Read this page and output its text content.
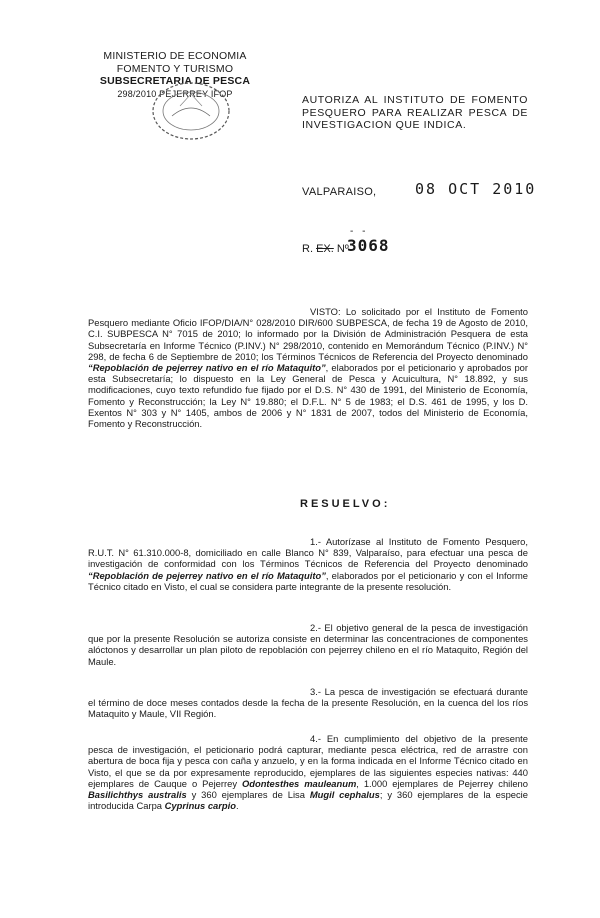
MINISTERIO DE ECONOMIA
FOMENTO Y TURISMO
SUBSECRETARIA DE PESCA
298/2010 PEJERREY IFOP
AUTORIZA AL INSTITUTO DE FOMENTO PESQUERO PARA REALIZAR PESCA DE INVESTIGACION QUE INDICA.
VALPARAISO,	08 OCT 2010
- -
R. EX. Nº
3068

VISTO: Lo solicitado por el Instituto de Fomento Pesquero mediante Oficio IFOP/DIA/N° 028/2010 DIR/600 SUBPESCA, de fecha 19 de Agosto de 2010, C.I. SUBPESCA N° 7015 de 2010; lo informado por la División de Administración Pesquera de esta Subsecretaría en Informe Técnico (P.INV.) N° 298/2010, contenido en Memorándum Técnico (P.INV.) N° 298, de fecha 6 de Septiembre de 2010; los Términos Técnicos de Referencia del Proyecto denominado “Repoblación de pejerrey nativo en el río Mataquito”, elaborados por el peticionario y aprobados por esta Subsecretaría; lo dispuesto en la Ley General de Pesca y Acuicultura, N° 18.892, y sus modificaciones, cuyo texto refundido fue fijado por el D.S. N° 430 de 1991, del Ministerio de Economía, Fomento y Reconstrucción; la Ley N° 19.880; el D.F.L. N° 5 de 1983; el D.S. 461 de 1995, y los D. Exentos N° 303 y N° 1405, ambos de 2006 y N° 1831 de 2007, todos del Ministerio de Economía, Fomento y Reconstrucción.

RESUELVO:

1.- Autorízase al Instituto de Fomento Pesquero, R.U.T. N° 61.310.000-8, domiciliado en calle Blanco N° 839, Valparaíso, para efectuar una pesca de investigación de conformidad con los Términos Técnicos de Referencia del Proyecto denominado “Repoblación de pejerrey nativo en el río Mataquito”, elaborados por el peticionario y con el Informe Técnico citado en Visto, el cual se considera parte integrante de la presente resolución.

2.- El objetivo general de la pesca de investigación que por la presente Resolución se autoriza consiste en determinar las concentraciones de componentes alóctonos y desarrollar un plan piloto de repoblación con pejerrey chileno en el río Mataquito, Región del Maule.

3.- La pesca de investigación se efectuará durante el término de doce meses contados desde la fecha de la presente Resolución, en la cuenca del los ríos Mataquito y Maule, VII Región.

4.- En cumplimiento del objetivo de la presente pesca de investigación, el peticionario podrá capturar, mediante pesca eléctrica, red de arrastre con abertura de boca fija y pesca con caña y anzuelo, y en la forma indicada en el Informe Técnico citado en Visto, el que se da por expresamente reproducido, ejemplares de las siguientes especies nativas: 440 ejemplares de Cauque o Pejerrey Odontesthes mauleanum, 1.000 ejemplares de Pejerrey chileno Basilichthys australis y 360 ejemplares de Lisa Mugil cephalus; y 360 ejemplares de la especie introducida Carpa Cyprinus carpio.
